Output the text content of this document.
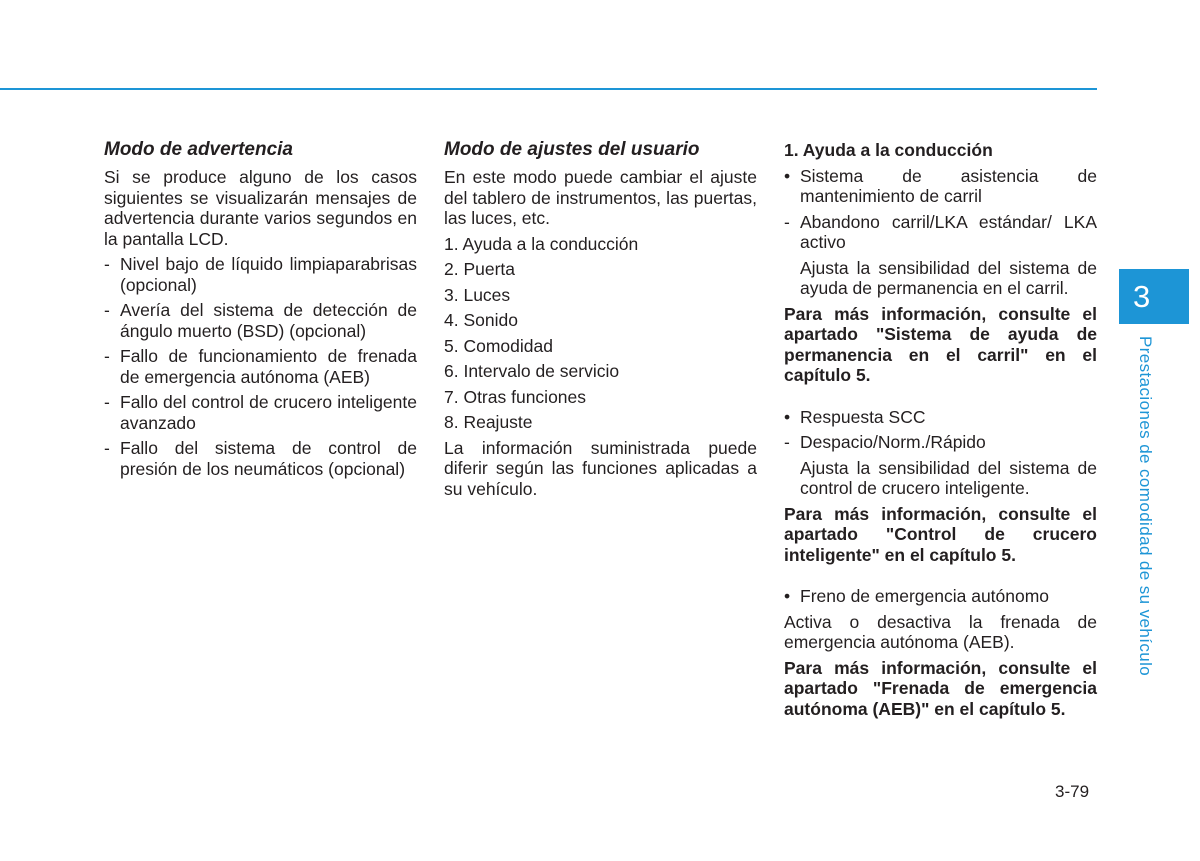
Modo de advertencia
Si se produce alguno de los casos siguientes se visualizarán mensajes de advertencia durante varios segundos en la pantalla LCD.
- Nivel bajo de líquido limpiaparabrisas (opcional)
- Avería del sistema de detección de ángulo muerto (BSD) (opcional)
- Fallo de funcionamiento de frenada de emergencia autónoma (AEB)
- Fallo del control de crucero inteligente avanzado
- Fallo del sistema de control de presión de los neumáticos (opcional)
Modo de ajustes del usuario
En este modo puede cambiar el ajuste del tablero de instrumentos, las puertas, las luces, etc.
1. Ayuda a la conducción
2. Puerta
3. Luces
4. Sonido
5. Comodidad
6. Intervalo de servicio
7. Otras funciones
8. Reajuste
La información suministrada puede diferir según las funciones aplicadas a su vehículo.
1. Ayuda a la conducción
• Sistema de asistencia de mantenimiento de carril
- Abandono carril/LKA estándar/ LKA activo
Ajusta la sensibilidad del sistema de ayuda de permanencia en el carril.
Para más información, consulte el apartado "Sistema de ayuda de permanencia en el carril" en el capítulo 5.
• Respuesta SCC
- Despacio/Norm./Rápido
Ajusta la sensibilidad del sistema de control de crucero inteligente.
Para más información, consulte el apartado "Control de crucero inteligente" en el capítulo 5.
• Freno de emergencia autónomo
Activa o desactiva la frenada de emergencia autónoma (AEB).
Para más información, consulte el apartado "Frenada de emergencia autónoma (AEB)" en el capítulo 5.
3
Prestaciones de comodidad de su vehículo
3-79
